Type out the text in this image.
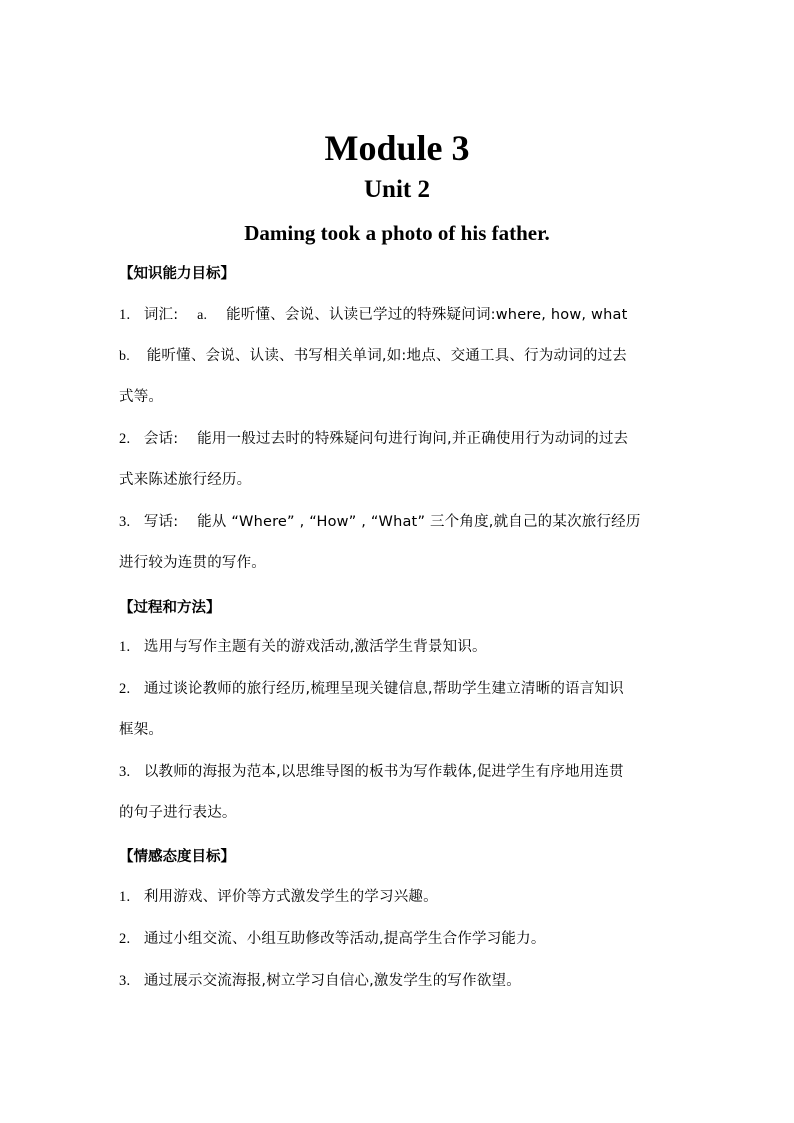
Module 3
Unit 2
Daming took a photo of his father.
【知识能力目标】
1. 词汇: a. 能听懂、会说、认读已学过的特殊疑问词:where, how, what
b. 能听懂、会说、认读、书写相关单词,如:地点、交通工具、行为动词的过去
式等。
2. 会话: 能用一般过去时的特殊疑问句进行询问,并正确使用行为动词的过去
式来陈述旅行经历。
3. 写话: 能从 “Where” , “How” , “What” 三个角度,就自己的某次旅行经历
进行较为连贯的写作。
【过程和方法】
1. 选用与写作主题有关的游戏活动,激活学生背景知识。
2. 通过谈论教师的旅行经历,梳理呈现关键信息,帮助学生建立清晰的语言知识
框架。
3. 以教师的海报为范本,以思维导图的板书为写作载体,促进学生有序地用连贯
的句子进行表达。
【情感态度目标】
1. 利用游戏、评价等方式激发学生的学习兴趣。
2. 通过小组交流、小组互助修改等活动,提高学生合作学习能力。
3. 通过展示交流海报,树立学习自信心,激发学生的写作欲望。
